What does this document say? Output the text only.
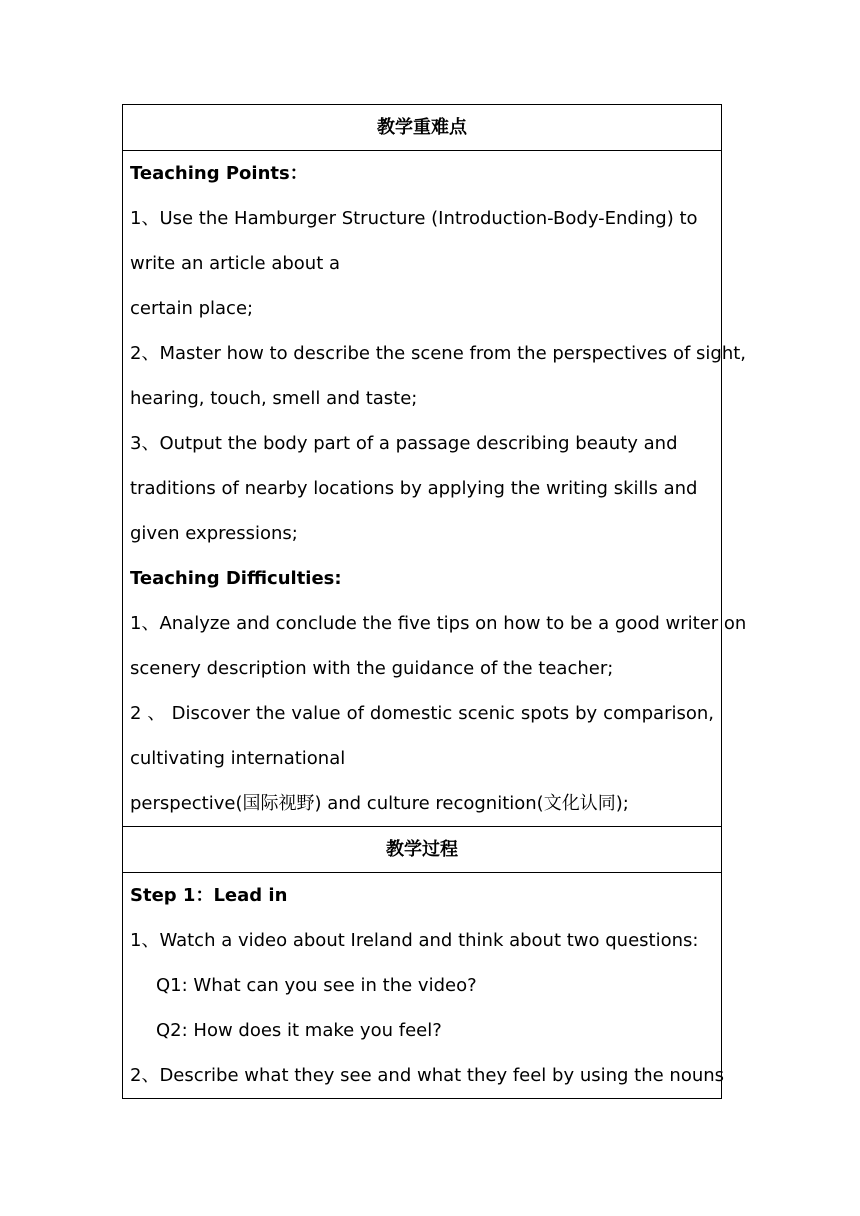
教学重难点

Teaching Points：
1、Use the Hamburger Structure (Introduction-Body-Ending) to
write an article about a
certain place;
2、Master how to describe the scene from the perspectives of sight,
hearing, touch, smell and taste;
3、Output the body part of a passage describing beauty and
traditions of nearby locations by applying the writing skills and
given expressions;
Teaching Difficulties:
1、Analyze and conclude the five tips on how to be a good writer on
scenery description with the guidance of the teacher;
2 、 Discover the value of domestic scenic spots by comparison,
cultivating international
perspective(国际视野) and culture recognition(文化认同);

教学过程

Step 1：Lead in
1、Watch a video about Ireland and think about two questions:
Q1: What can you see in the video?
Q2: How does it make you feel?
2、Describe what they see and what they feel by using the nouns
